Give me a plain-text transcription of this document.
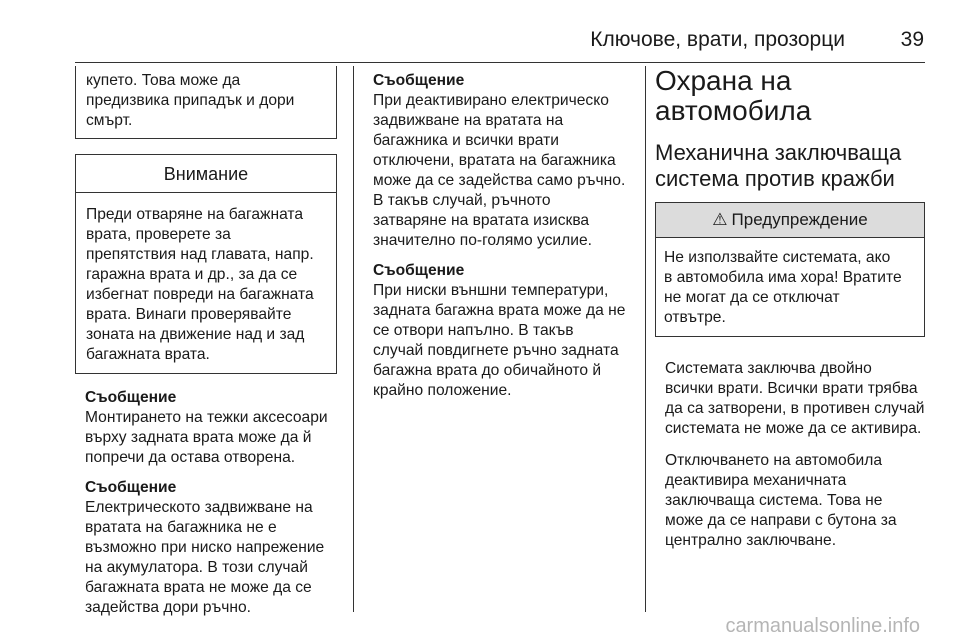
Ключове, врати, прозорци	39

купето. Това може да

предизвика припадък и дори

смърт.

Внимание

Преди отваряне на багажната

врата, проверете за

препятствия над главата, напр.

гаражна врата и др., за да се

избегнат повреди на багажната

врата. Винаги проверявайте

зоната на движение над и зад

багажната врата.

Съобщение

Монтирането на тежки аксесоари

върху задната врата може да й

попречи да остава отворена.

Съобщение

Електрическото задвижване на

вратата на багажника не е

възможно при ниско напрежение

на акумулатора. В този случай

багажната врата не може да се

задейства дори ръчно.

Съобщение

При деактивирано електрическо

задвижване на вратата на

багажника и всички врати

отключени, вратата на багажника

може да се задейства само ръчно.

В такъв случай, ръчното

затваряне на вратата изисква

значително по-голямо усилие.

Съобщение

При ниски външни температури,

задната багажна врата може да не

се отвори напълно. В такъв

случай повдигнете ръчно задната

багажна врата до обичайното й

крайно положение.

Охрана на
автомобила
Механична заключваща
система против кражби
⚠ Предупреждение

Не използвайте системата, ако

в автомобила има хора! Вратите

не могат да се отключат

отвътре.

Системата заключва двойно

всички врати. Всички врати трябва

да са затворени, в противен случай

системата не може да се активира.

Отключването на автомобила

деактивира механичната

заключваща система. Това не

може да се направи с бутона за

централно заключване.

carmanualsonline.info
